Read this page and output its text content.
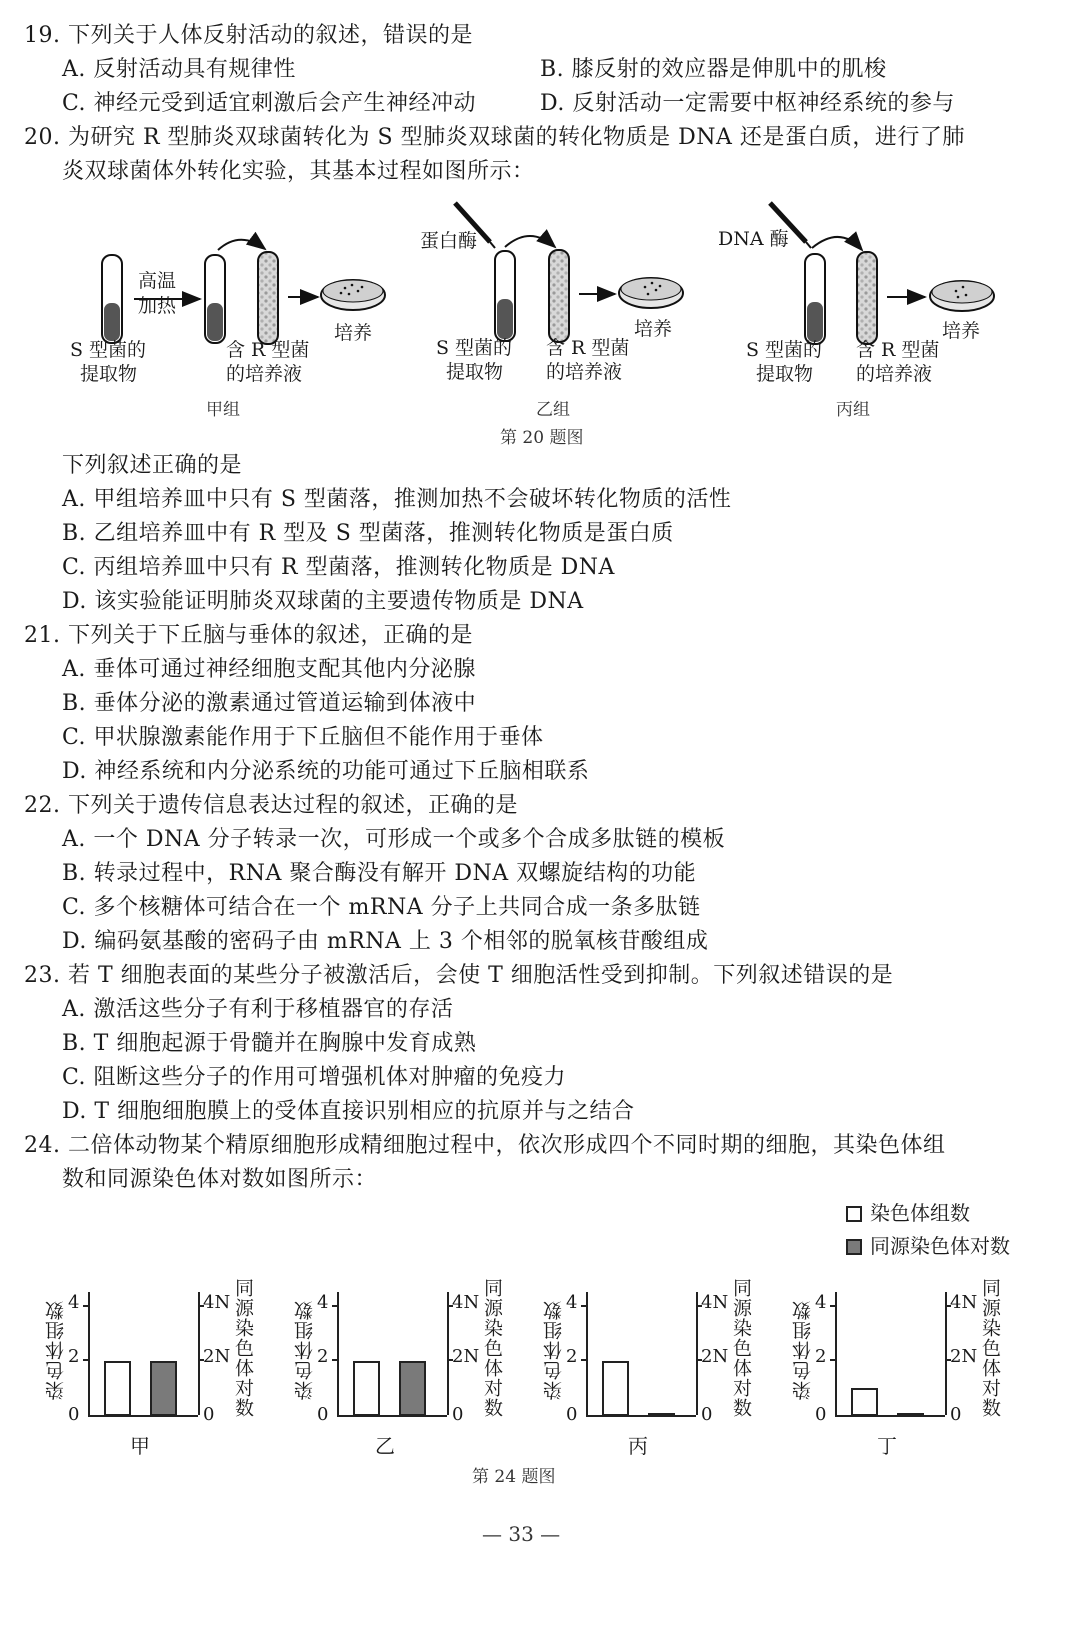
19. 下列关于人体反射活动的叙述，错误的是
A. 反射活动具有规律性	B. 膝反射的效应器是伸肌中的肌梭
C. 神经元受到适宜刺激后会产生神经冲动	D. 反射活动一定需要中枢神经系统的参与
20. 为研究 R 型肺炎双球菌转化为 S 型肺炎双球菌的转化物质是 DNA 还是蛋白质，进行了肺
炎双球菌体外转化实验，其基本过程如图所示：
高温
加热
S 型菌的
提取物
含 R 型菌
的培养液
培养
甲组
蛋白酶
S 型菌的
提取物
含 R 型菌
的培养液
培养
乙组
DNA 酶
S 型菌的
提取物
含 R 型菌
的培养液
培养
丙组
第 20 题图
下列叙述正确的是
A. 甲组培养皿中只有 S 型菌落，推测加热不会破坏转化物质的活性
B. 乙组培养皿中有 R 型及 S 型菌落，推测转化物质是蛋白质
C. 丙组培养皿中只有 R 型菌落，推测转化物质是 DNA
D. 该实验能证明肺炎双球菌的主要遗传物质是 DNA
21. 下列关于下丘脑与垂体的叙述，正确的是
A. 垂体可通过神经细胞支配其他内分泌腺
B. 垂体分泌的激素通过管道运输到体液中
C. 甲状腺激素能作用于下丘脑但不能作用于垂体
D. 神经系统和内分泌系统的功能可通过下丘脑相联系
22. 下列关于遗传信息表达过程的叙述，正确的是
A. 一个 DNA 分子转录一次，可形成一个或多个合成多肽链的模板
B. 转录过程中，RNA 聚合酶没有解开 DNA 双螺旋结构的功能
C. 多个核糖体可结合在一个 mRNA 分子上共同合成一条多肽链
D. 编码氨基酸的密码子由 mRNA 上 3 个相邻的脱氧核苷酸组成
23. 若 T 细胞表面的某些分子被激活后，会使 T 细胞活性受到抑制。下列叙述错误的是
A. 激活这些分子有利于移植器官的存活
B. T 细胞起源于骨髓并在胸腺中发育成熟
C. 阻断这些分子的作用可增强机体对肿瘤的免疫力
D. T 细胞细胞膜上的受体直接识别相应的抗原并与之结合
24. 二倍体动物某个精原细胞形成精细胞过程中，依次形成四个不同时期的细胞，其染色体组
数和同源染色体对数如图所示：
染色体组数
同源染色体对数
染色体组数 4
2
0
4N
2N
0 同源染色体对数
甲
染色体组数 4
2
0
4N
2N
0 同源染色体对数
乙
染色体组数 4
2
0
4N
2N
0 同源染色体对数
丙
染色体组数 4
2
0
4N
2N
0 同源染色体对数
丁
第 24 题图
— 33 —
